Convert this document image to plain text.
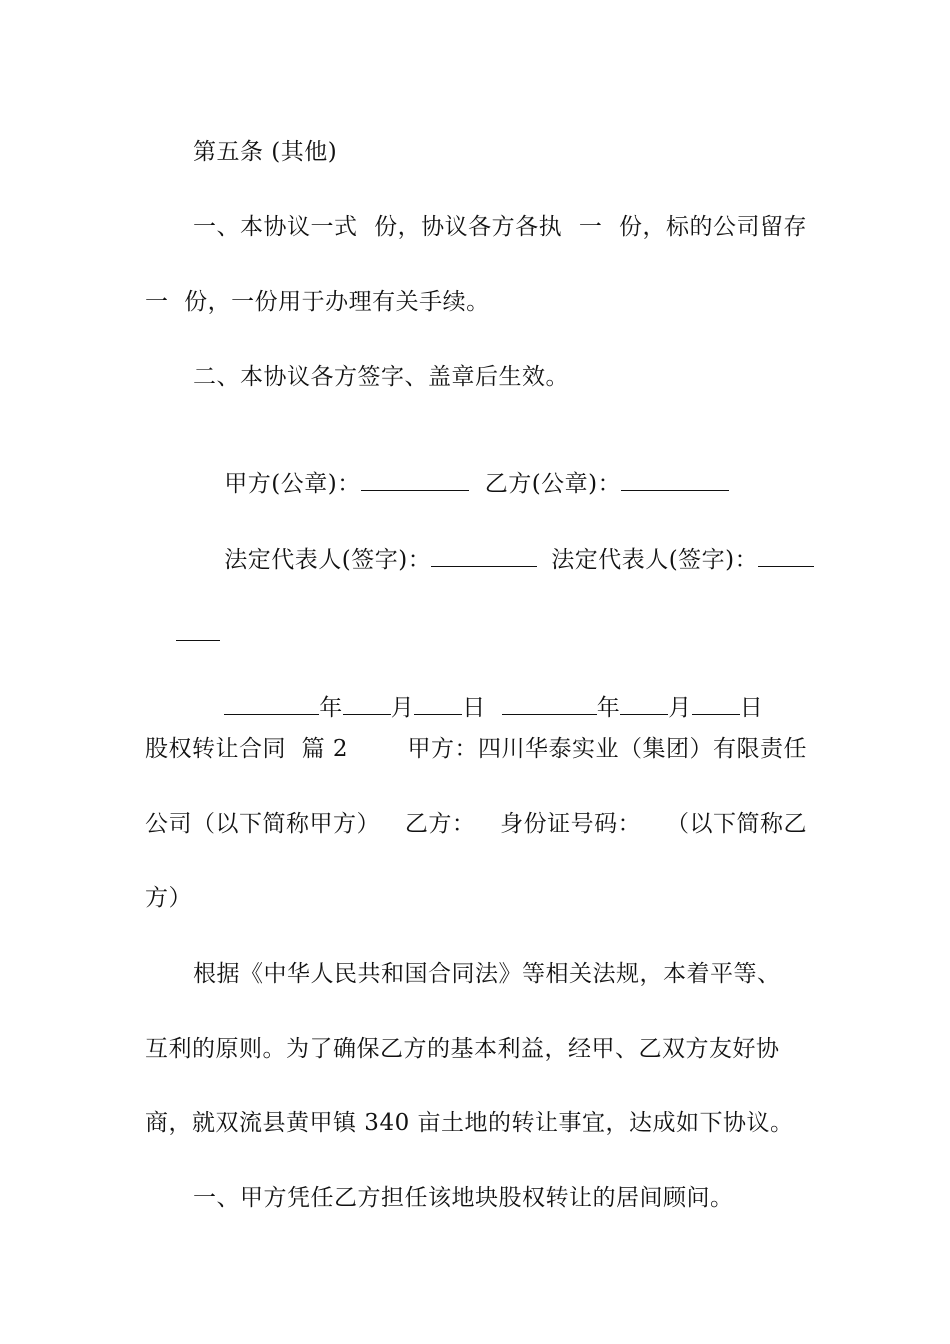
第五条 (其他)
一、本协议一式 份，协议各方各执 一 份，标的公司留存
一  份，一份用于办理有关手续。
二、本协议各方签字、盖章后生效。

甲方(公章)：	乙方(公章)：

法定代表人(签字)：	法定代表人(签字)：

年 月 日	年 月 日

股权转让合同  篇 2	甲方：四川华泰实业（集团）有限责任
公司（以下简称甲方） 乙方： 身份证号码： （以下简称乙
方）
根据《中华人民共和国合同法》等相关法规，本着平等、
互利的原则。为了确保乙方的基本利益，经甲、乙双方友好协
商，就双流县黄甲镇 340 亩土地的转让事宜，达成如下协议。
一、甲方凭任乙方担任该地块股权转让的居间顾问。
